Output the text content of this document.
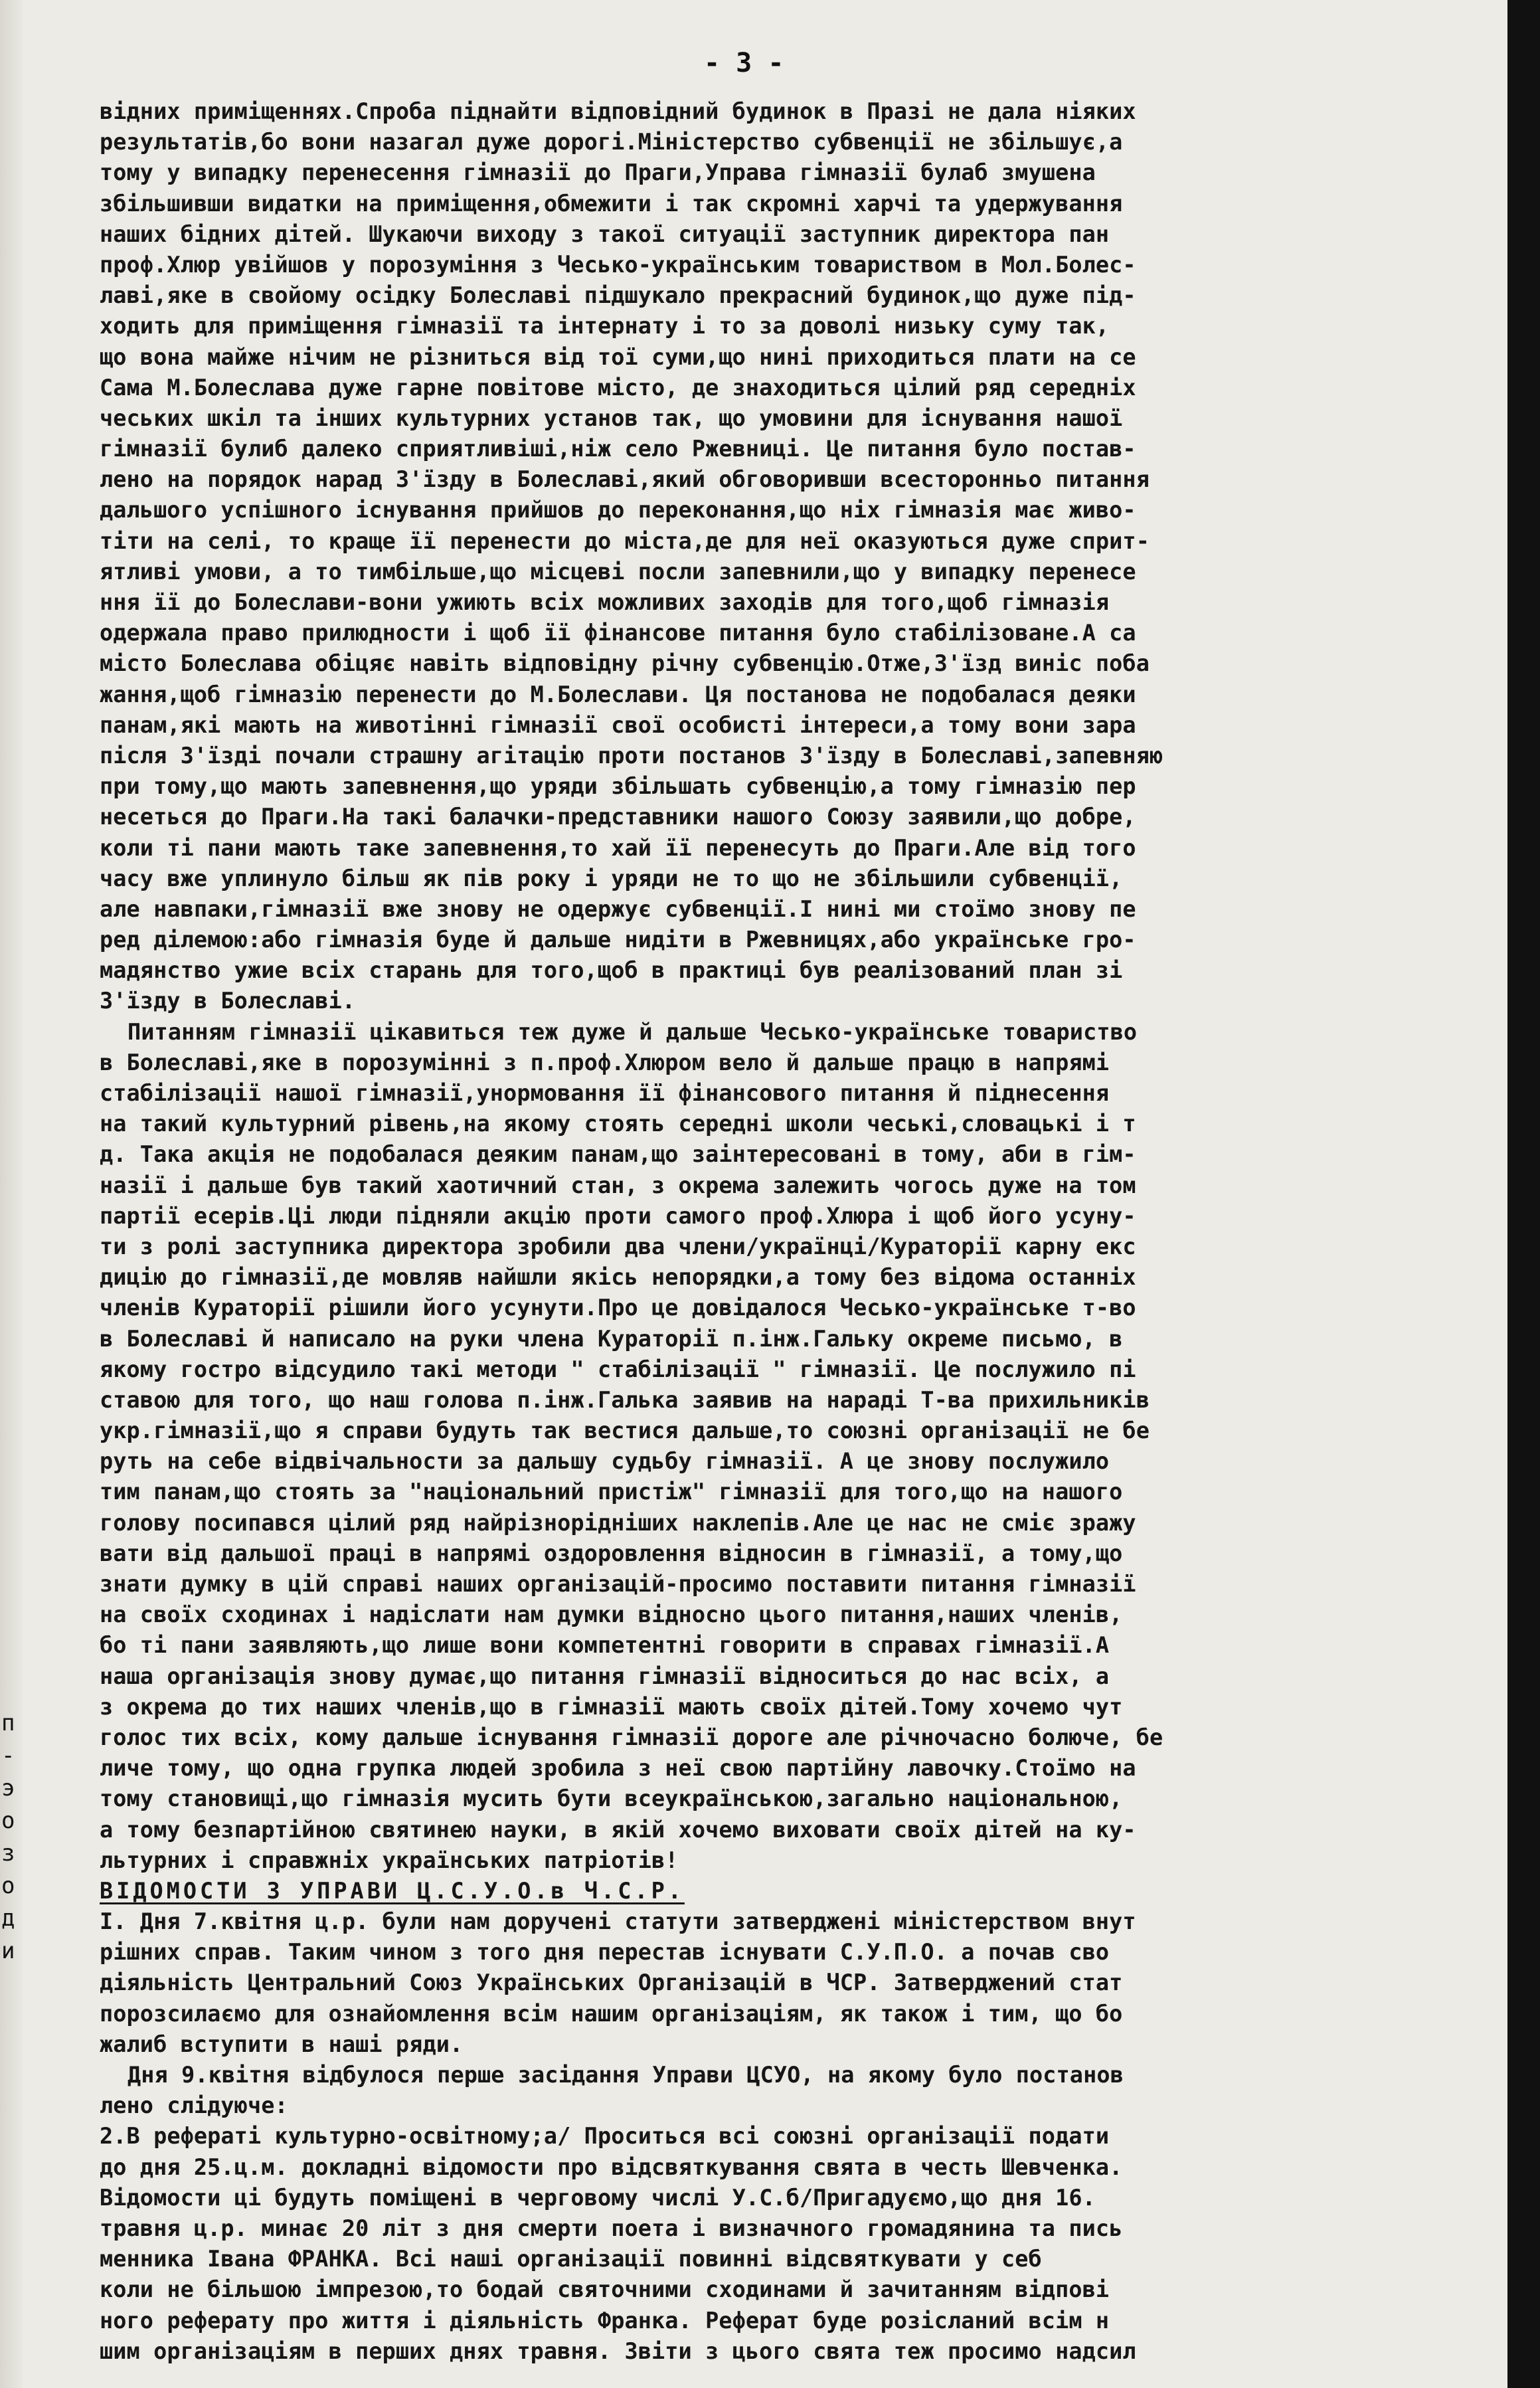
п
-
э
о
з
о
д
и
- 3 -
відних приміщеннях.Спроба піднайти відповідний будинок в Празі не дала ніяких
результатів,бо вони назагал дуже дорогі.Міністерство субвенції не збільшує,а
тому у випадку перенесення гімназії до Праги,Управа гімназії булаб змушена
збільшивши видатки на приміщення,обмежити і так скромні харчі та удержування
наших бідних дітей. Шукаючи виходу з такої ситуації заступник директора пан
проф.Хлюр увійшов у порозуміння з Чесько-українським товариством в Мол.Болес-
лаві,яке в свойому осідку Болеславі підшукало прекрасний будинок,що дуже під-
ходить для приміщення гімназії та інтернату і то за доволі низьку суму так,
що вона майже нічим не різниться від тої суми,що нині приходиться плати на се
Сама М.Болеслава дуже гарне повітове місто, де знаходиться цілий ряд середніх
чеських шкіл та інших культурних установ так, що умовини для існування нашої
гімназії булиб далеко сприятливіші,ніж село Ржевниці. Це питання було постав-
лено на порядок нарад З'їзду в Болеславі,який обговоривши всесторонньо питання
дальшого успішного існування прийшов до переконання,що ніх гімназія має живо-
тіти на селі, то краще її перенести до міста,де для неї оказуються дуже сприт-
ятливі умови, а то тимбільше,що місцеві посли запевнили,що у випадку перенесе
ння її до Болеслави-вони ужиють всіх можливих заходів для того,щоб гімназія
одержала право прилюдности і щоб її фінансове питання було стабілізоване.А са
місто Болеслава обіцяє навіть відповідну річну субвенцію.Отже,З'їзд виніс поба
жання,щоб гімназію перенести до М.Болеслави. Ця постанова не подобалася деяки
панам,які мають на животінні гімназії свої особисті інтереси,а тому вони зара
після З'їзді почали страшну агітацію проти постанов З'їзду в Болеславі,запевняю
при тому,що мають запевнення,що уряди збільшать субвенцію,а тому гімназію пер
несеться до Праги.На такі балачки-представники нашого Союзу заявили,що добре,
коли ті пани мають таке запевнення,то хай її перенесуть до Праги.Але від того
часу вже уплинуло більш як пів року і уряди не то що не збільшили субвенції,
але навпаки,гімназії вже знову не одержує субвенції.І нині ми стоїмо знову пе
ред ділемою:або гімназія буде й дальше нидіти в Ржевницях,або українське гро-
мадянство ужие всіх старань для того,щоб в практиці був реалізований план зі
З'їзду в Болеславі.
Питанням гімназії цікавиться теж дуже й дальше Чесько-українське товариство
в Болеславі,яке в порозумінні з п.проф.Хлюром вело й дальше працю в напрямі
стабілізації нашої гімназії,унормовання її фінансового питання й піднесення
на такий культурний рівень,на якому стоять середні школи чеські,словацькі і т
д. Така акція не подобалася деяким панам,що заінтересовані в тому, аби в гім-
назії і дальше був такий хаотичний стан, з окрема залежить чогось дуже на том
партії есерів.Ці люди підняли акцію проти самого проф.Хлюра і щоб його усуну-
ти з ролі заступника директора зробили два члени/українці/Кураторії карну екс
дицію до гімназії,де мовляв найшли якісь непорядки,а тому без відома останніх
членів Кураторії рішили його усунути.Про це довідалося Чесько-українське т-во
в Болеславі й написало на руки члена Кураторії п.інж.Гальку окреме письмо, в
якому гостро відсудило такі методи " стабілізації " гімназії. Це послужило пі
ставою для того, що наш голова п.інж.Галька заявив на нараді Т-ва прихильників
укр.гімназії,що я справи будуть так вестися дальше,то союзні організації не бе
руть на себе відвічальности за дальшу судьбу гімназії. А це знову послужило
тим панам,що стоять за "національний пристіж" гімназії для того,що на нашого
голову посипався цілий ряд найрізнорідніших наклепів.Але це нас не сміє зражу
вати від дальшої праці в напрямі оздоровлення відносин в гімназії, а тому,що
знати думку в цій справі наших організацій-просимо поставити питання гімназії
на своїх сходинах і надіслати нам думки відносно цього питання,наших членів,
бо ті пани заявляють,що лише вони компетентні говорити в справах гімназії.А
наша організація знову думає,що питання гімназії відноситься до нас всіх, а
з окрема до тих наших членів,що в гімназії мають своїх дітей.Тому хочемо чут
голос тих всіх, кому дальше існування гімназії дороге але річночасно болюче, бе
личе тому, що одна групка людей зробила з неї свою партійну лавочку.Стоїмо на
тому становищі,що гімназія мусить бути всеукраїнською,загально національною,
а тому безпартійною святинею науки, в якій хочемо виховати своїх дітей на ку-
льтурних і справжніх українських патріотів!
ВІДОМОСТИ З УПРАВИ Ц.С.У.О.в Ч.С.Р.
І. Дня 7.квітня ц.р. були нам доручені статути затверджені міністерством внут
рішних справ. Таким чином з того дня перестав існувати С.У.П.О. а почав сво
діяльність Центральний Союз Українських Організацій в ЧСР. Затверджений стат
порозсилаємо для ознайомлення всім нашим організаціям, як також і тим, що бо
жалиб вступити в наші ряди.
Дня 9.квітня відбулося перше засідання Управи ЦСУО, на якому було постанов
лено слідуюче:
2.В рефераті культурно-освітному;а/ Проситься всі союзні організації подати
до дня 25.ц.м. докладні відомости про відсвяткування свята в честь Шевченка.
Відомости ці будуть поміщені в черговому числі У.С.б/Пригадуємо,що дня 16.
травня ц.р. минає 20 літ з дня смерти поета і визначного громадянина та пись
менника Івана ФРАНКА. Всі наші організації повинні відсвяткувати у себ
коли не більшою імпрезою,то бодай святочними сходинами й зачитанням відпові
ного реферату про життя і діяльність Франка. Реферат буде розісланий всім н
шим організаціям в перших днях травня. Звіти з цього свята теж просимо надсил
